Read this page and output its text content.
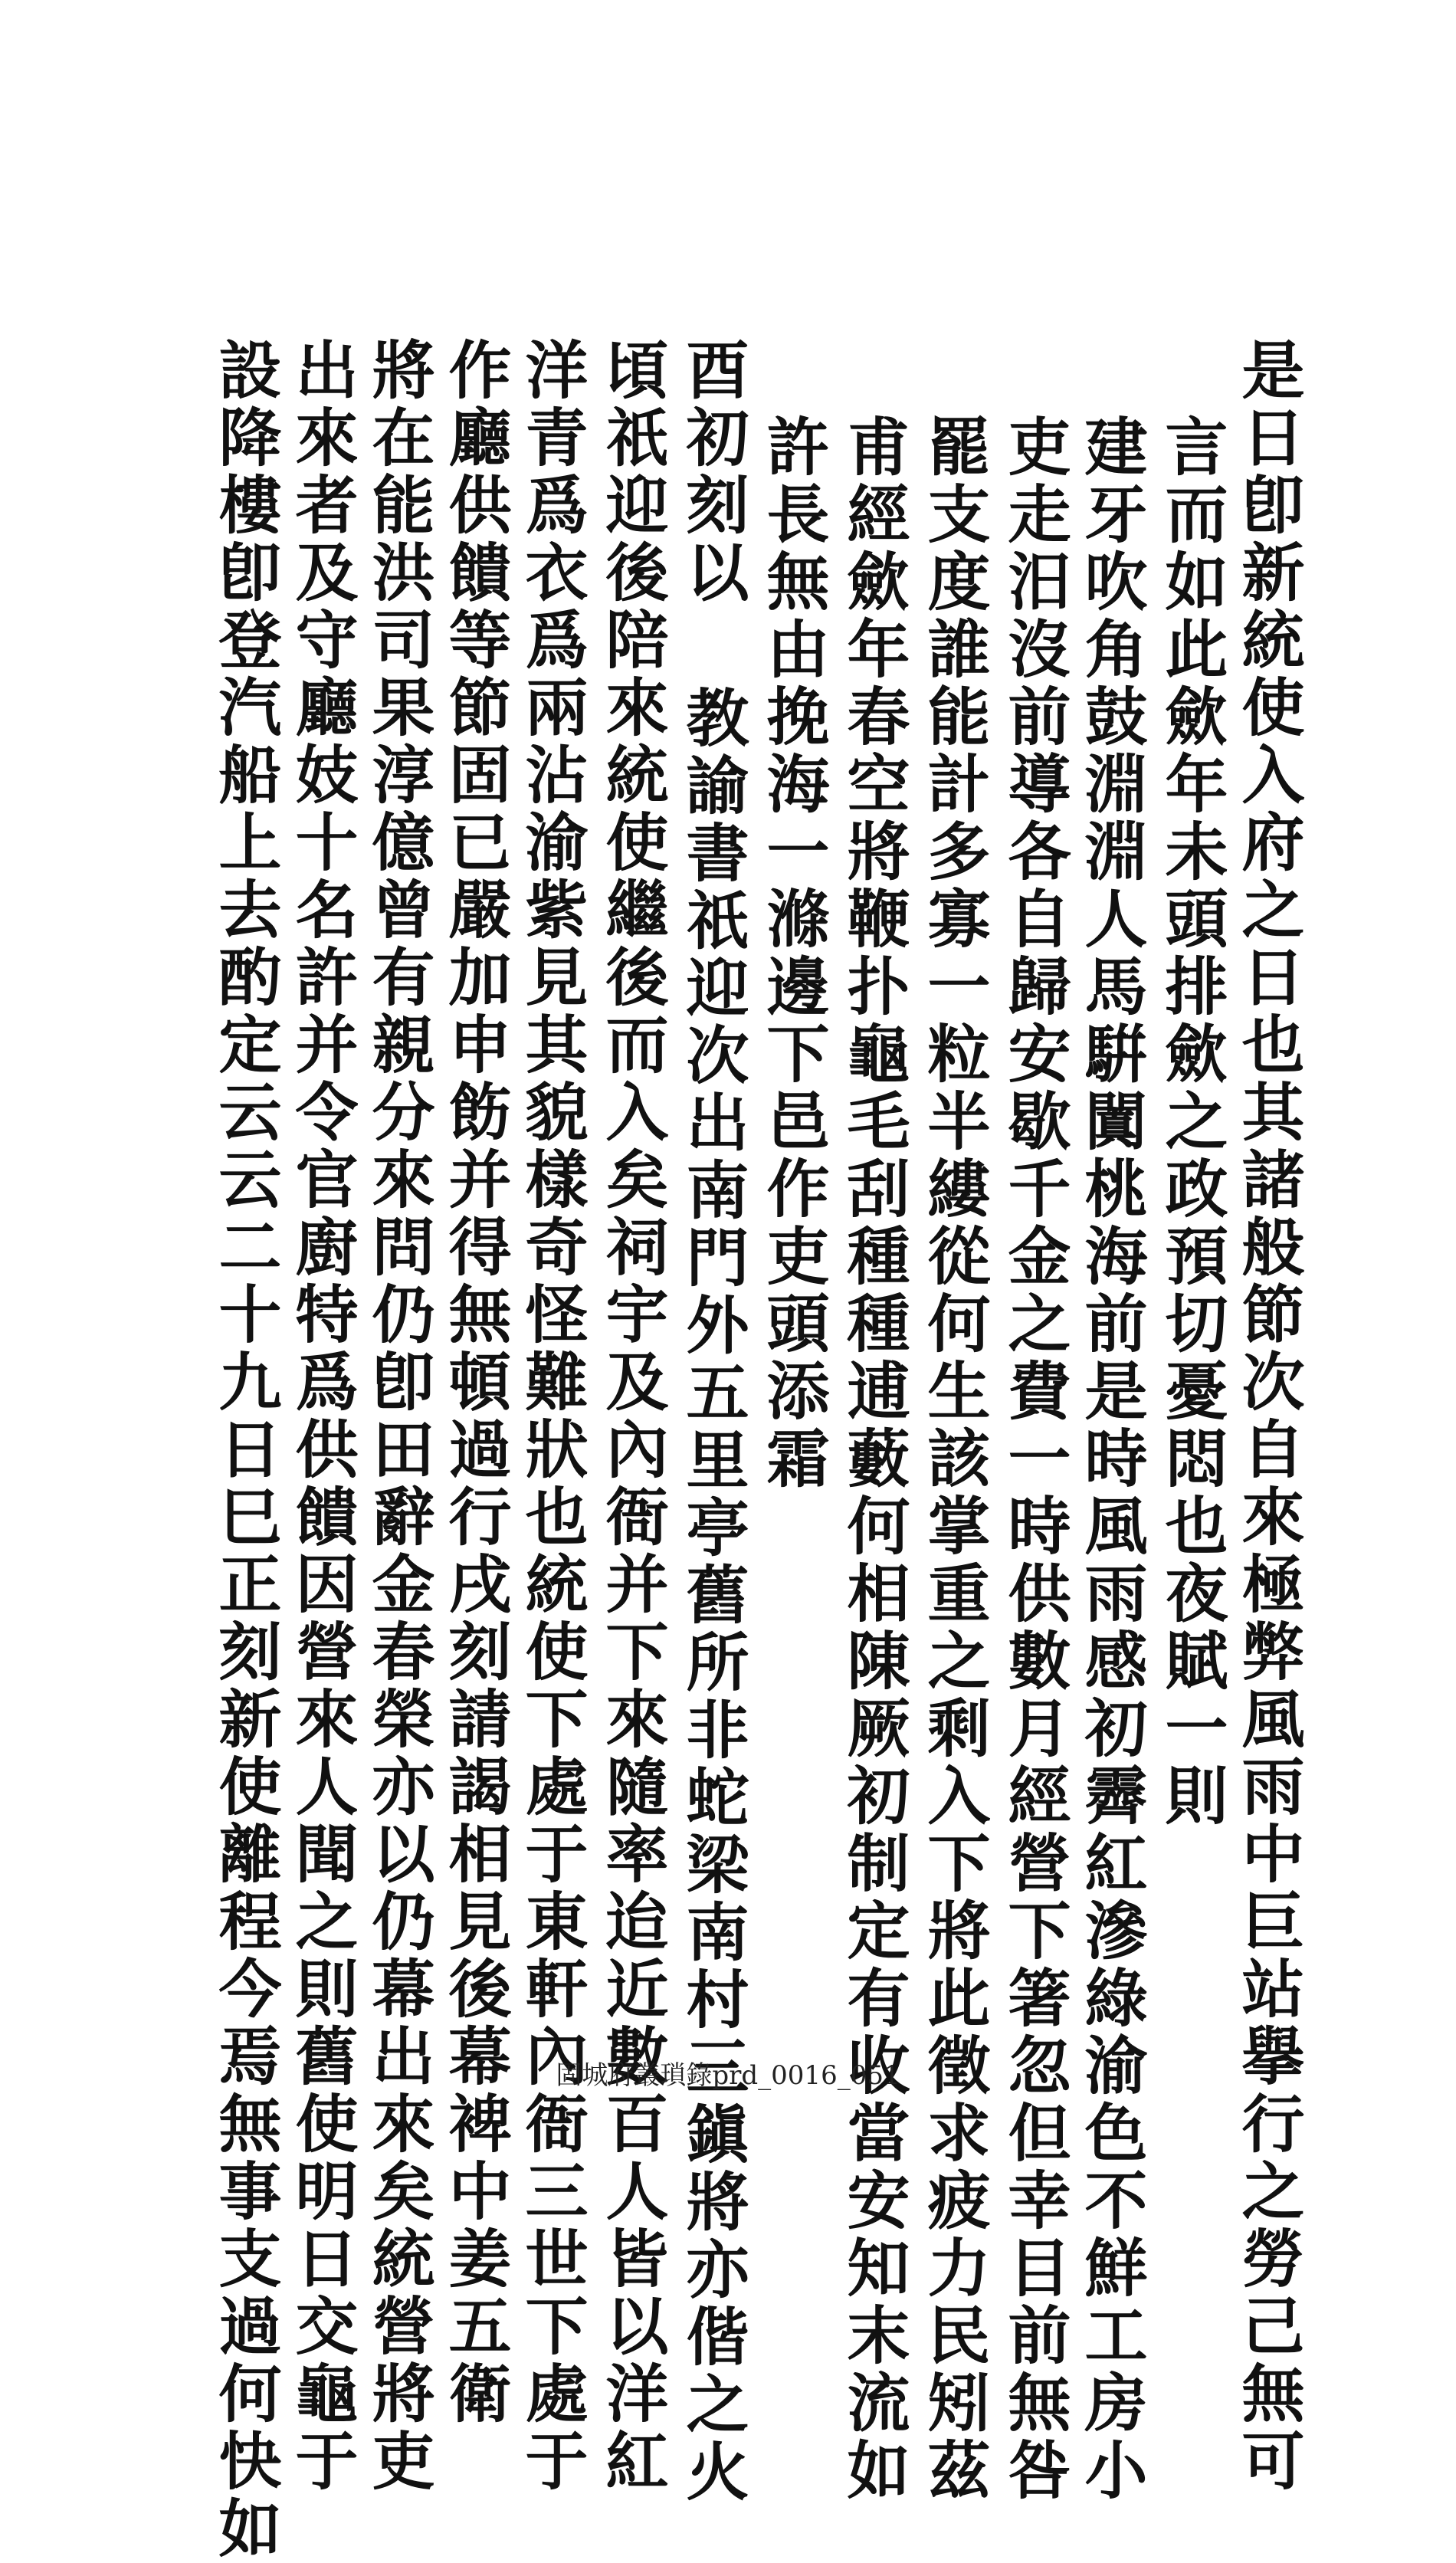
是日卽新統使入府之日也其諸般節次自來極弊風雨中巨站擧行之勞己無可
言而如此歛年未頭排歛之政預切憂悶也夜賦一則
建牙吹角鼓淵淵人馬騈闐桃海前是時風雨感初霽紅滲綠渝色不鮮工房小
吏走汨沒前導各自歸安歇千金之費一時供數月經營下箸忽但幸目前無咎
罷支度誰能計多寡一粒半縷從何生該掌重之剩入下將此徵求疲力民矧茲
甫經歛年春空將鞭扑龜毛刮種種逋藪何相陳厥初制定有收當安知末流如
許長無由挽海一滌邊下邑作吏頭添霜
酉初刻以 教諭書祇迎次出南門外五里亭舊所非蛇梁南村三鎭將亦偕之火
頃祇迎後陪來統使繼後而入矣祠宇及內衙并下來隨率迨近數百人皆以洋紅
洋青爲衣爲兩沾渝紫見其貌樣奇怪難狀也統使下處于東軒內衙三世下處于
作廳供饋等節固已嚴加申飭并得無頓過行戌刻請謁相見後幕裨中姜五衛
將在能洪司果淳億曾有親分來問仍卽田辭金春榮亦以仍幕出來矣統營將吏
出來者及守廳妓十名許并令官廚特爲供饋因營來人聞之則舊使明日交龜于
設降樓卽登汽船上去酌定云云二十九日巳正刻新使離程今焉無事支過何快如	固城府叢瑣錄prd_0016_051
